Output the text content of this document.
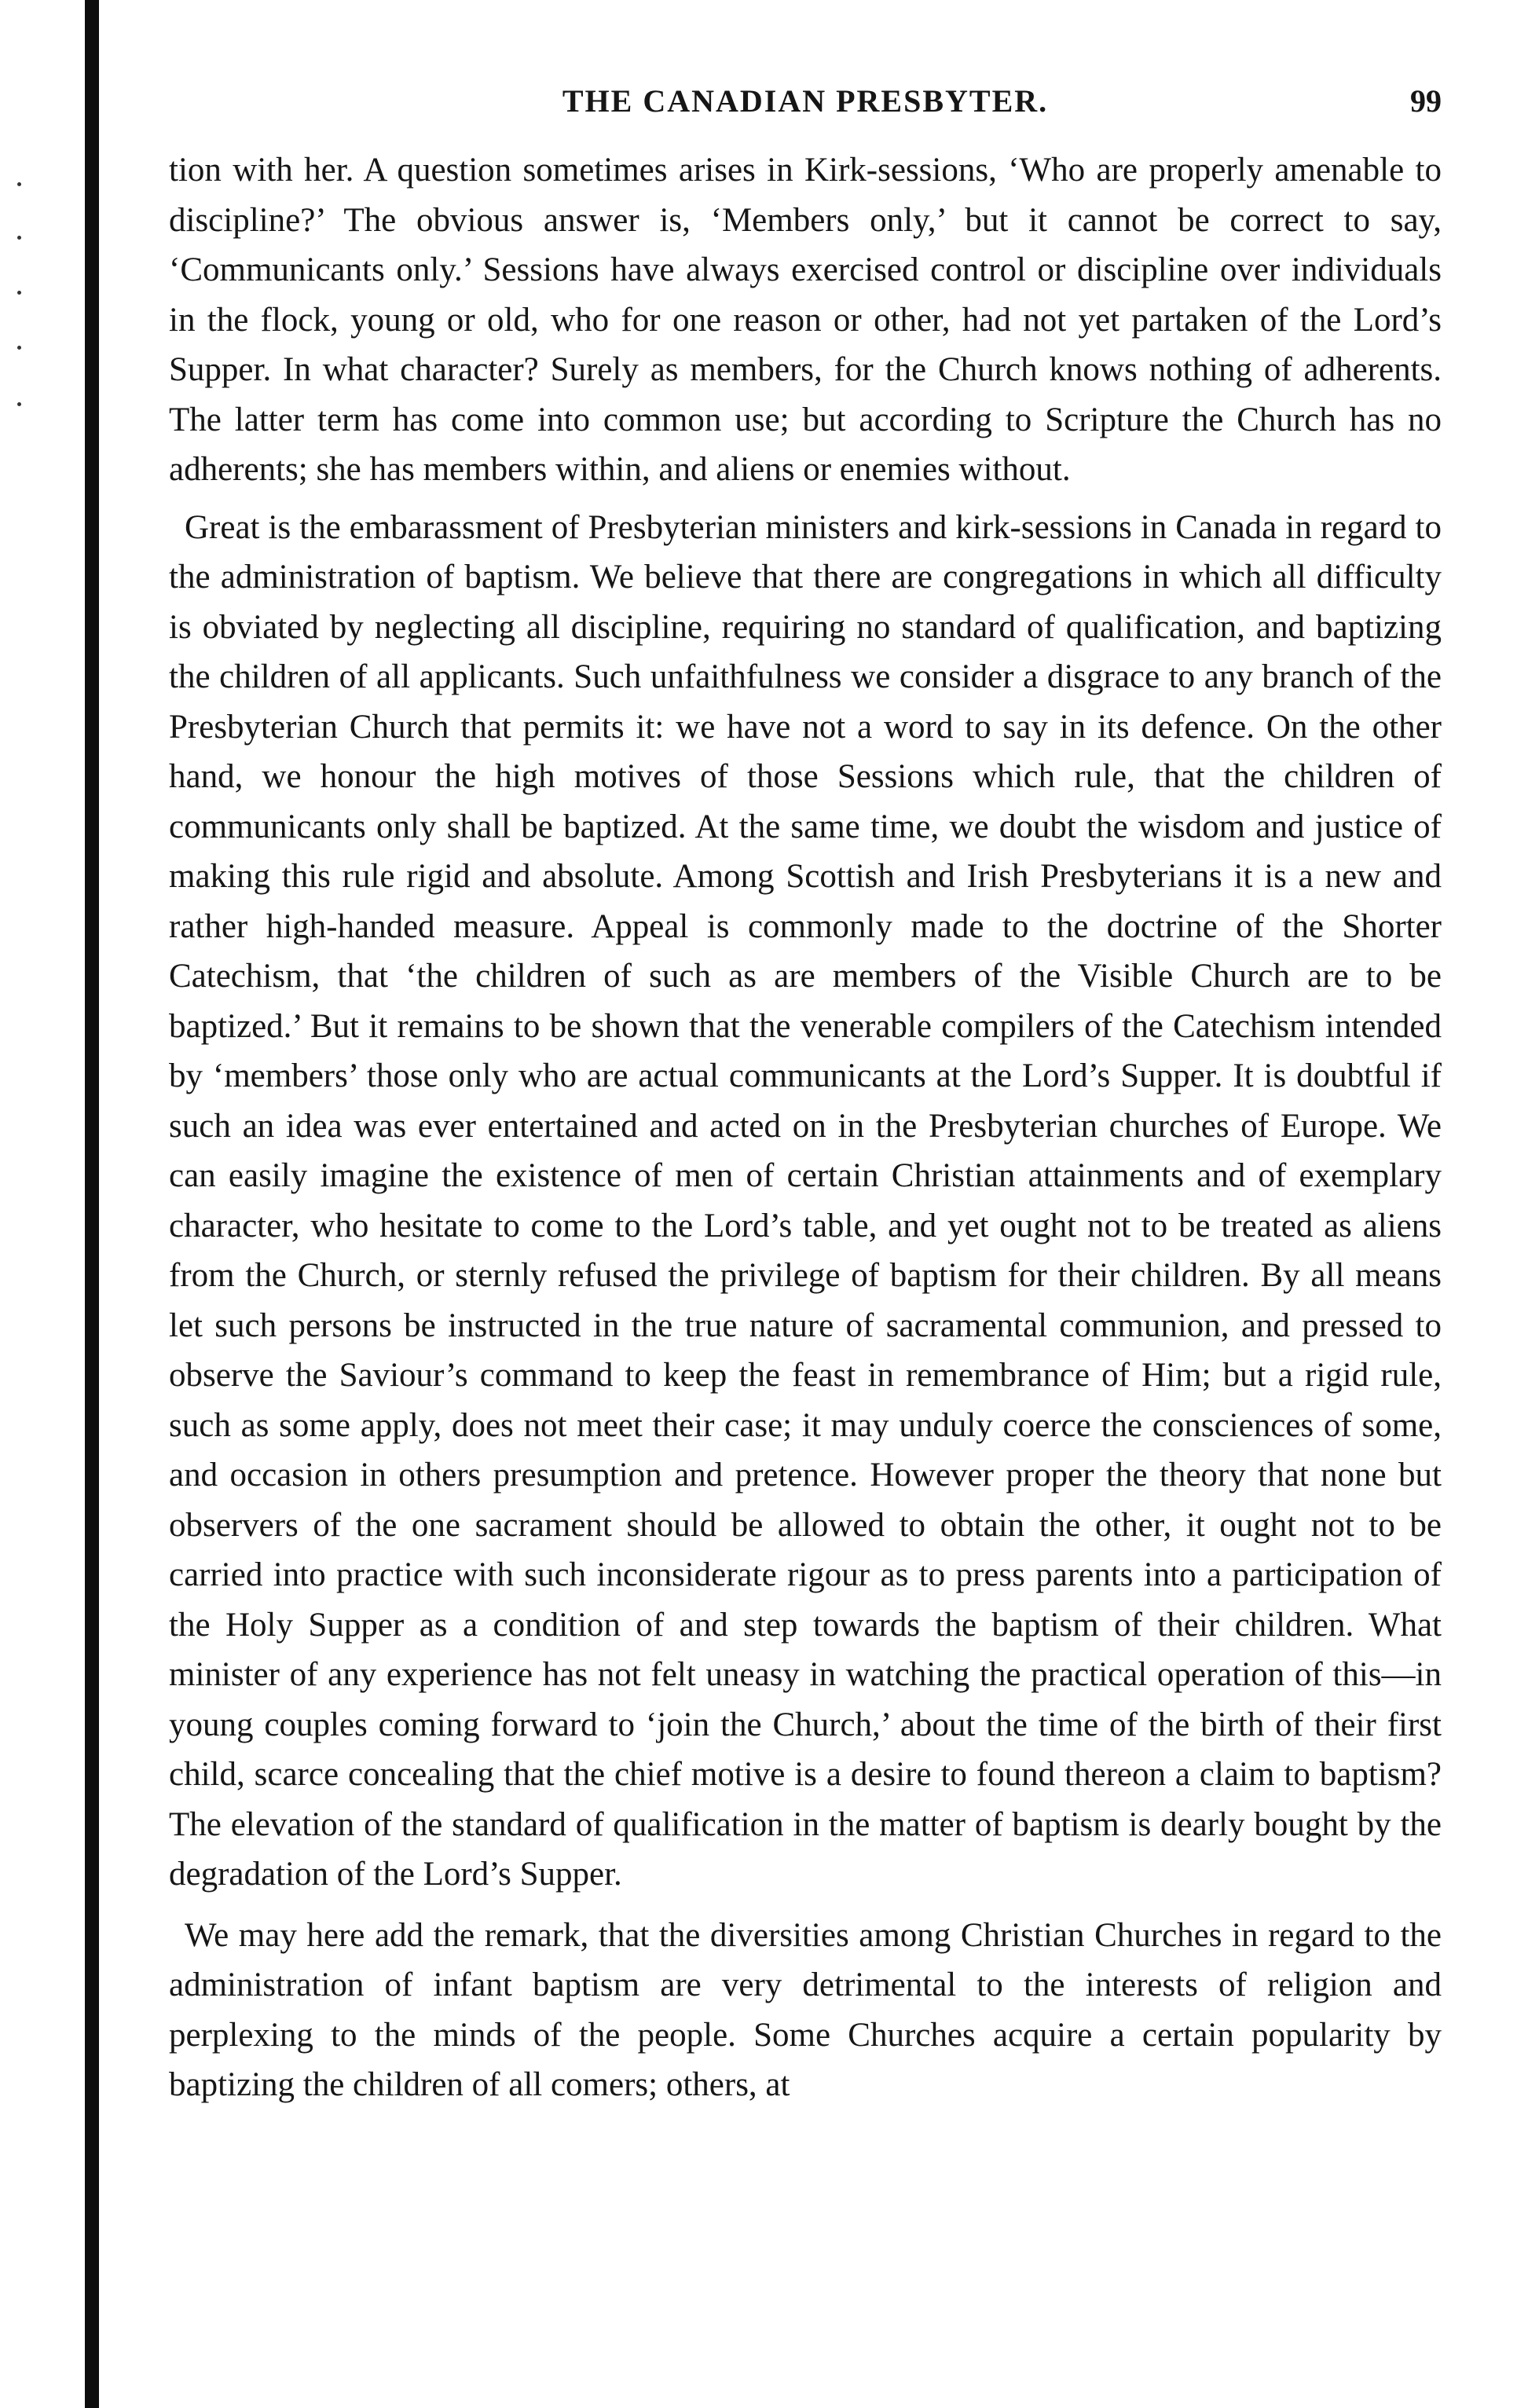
THE CANADIAN PRESBYTER.	99

tion with her. A question sometimes arises in Kirk-sessions, ‘Who are properly amenable to discipline?’ The obvious answer is, ‘Members only,’ but it cannot be correct to say, ‘Communicants only.’ Sessions have always exercised control or discipline over individuals in the flock, young or old, who for one reason or other, had not yet partaken of the Lord’s Supper. In what character? Surely as members, for the Church knows nothing of adherents. The latter term has come into common use; but according to Scripture the Church has no adherents; she has members within, and aliens or enemies without.

Great is the embarassment of Presbyterian ministers and kirk-sessions in Canada in regard to the administration of baptism. We believe that there are congregations in which all difficulty is obviated by neglecting all discipline, requiring no standard of qualification, and baptizing the children of all applicants. Such unfaithfulness we consider a disgrace to any branch of the Presbyterian Church that permits it: we have not a word to say in its defence. On the other hand, we honour the high motives of those Sessions which rule, that the children of communicants only shall be baptized. At the same time, we doubt the wisdom and justice of making this rule rigid and absolute. Among Scottish and Irish Presbyterians it is a new and rather high-handed measure. Appeal is commonly made to the doctrine of the Shorter Catechism, that ‘the children of such as are members of the Visible Church are to be baptized.’ But it remains to be shown that the venerable compilers of the Catechism intended by ‘members’ those only who are actual communicants at the Lord’s Supper. It is doubtful if such an idea was ever entertained and acted on in the Presbyterian churches of Europe. We can easily imagine the existence of men of certain Christian attainments and of exemplary character, who hesitate to come to the Lord’s table, and yet ought not to be treated as aliens from the Church, or sternly refused the privilege of baptism for their children. By all means let such persons be instructed in the true nature of sacramental communion, and pressed to observe the Saviour’s command to keep the feast in remembrance of Him; but a rigid rule, such as some apply, does not meet their case; it may unduly coerce the consciences of some, and occasion in others presumption and pretence. However proper the theory that none but observers of the one sacrament should be allowed to obtain the other, it ought not to be carried into practice with such inconsiderate rigour as to press parents into a participation of the Holy Supper as a condition of and step towards the baptism of their children. What minister of any experience has not felt uneasy in watching the practical operation of this—in young couples coming forward to ‘join the Church,’ about the time of the birth of their first child, scarce concealing that the chief motive is a desire to found thereon a claim to baptism? The elevation of the standard of qualification in the matter of baptism is dearly bought by the degradation of the Lord’s Supper.

We may here add the remark, that the diversities among Christian Churches in regard to the administration of infant baptism are very detrimental to the interests of religion and perplexing to the minds of the people. Some Churches acquire a certain popularity by baptizing the children of all comers; others, at
